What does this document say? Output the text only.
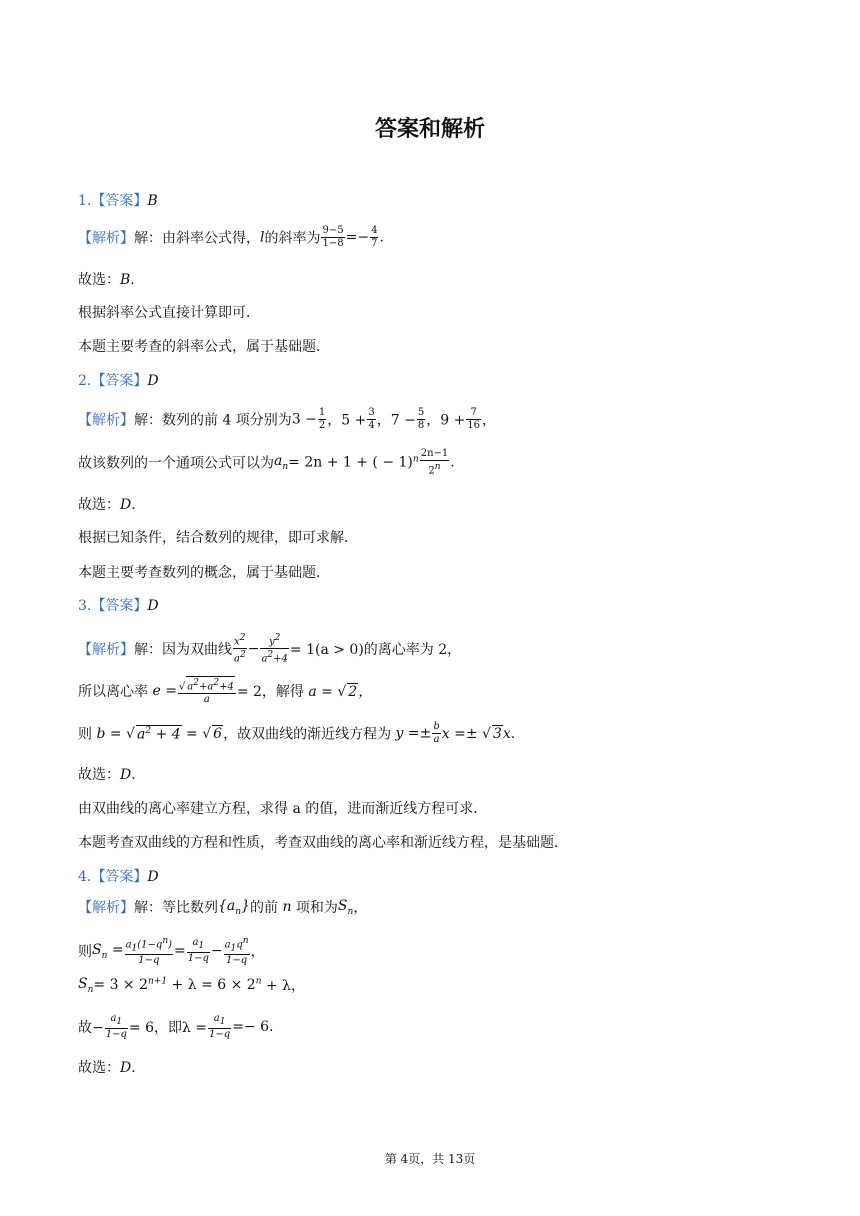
答案和解析
1.【答案】B
【解析】解：由斜率公式得，l的斜率为 $\frac{9-5}{1-8} =- \frac{4}{7}$ .
故选：B.
根据斜率公式直接计算即可．
本题主要考查的斜率公式，属于基础题．
2.【答案】D
【解析】解：数列的前 4 项分别为$3 - \frac{1}{2}$ ，$5 + \frac{3}{4}$ ，$7 - \frac{5}{8}$ ，$9 + \frac{7}{16}$ ，
故该数列的一个通项公式可以为$a_n= 2n + 1$ + ( − $1)^n \frac{2n-1}{2^n}$ .
故选：D.
根据已知条件，结合数列的规律，即可求解．
本题主要考查数列的概念，属于基础题．
3.【答案】D
【解析】解：因为双曲线 $\frac{x^2}{a^2} - \frac{y^2}{a^2+4} = 1(a > 0)$的离心率为 2，
所以离心率 $e = \frac{√ a^2+a^2+4}{a} = 2$，解得 a = √ 2，
则 b = √ $a^2 + 4$ = √ 6，故双曲线的渐近线方程为 $y =\pm \frac{b}{a}$ x =± √ 3x.
故选：D.
由双曲线的离心率建立方程，求得 a 的值，进而渐近线方程可求．
本题考查双曲线的方程和性质，考查双曲线的离心率和渐近线方程，是基础题．
4.【答案】D
【解析】解：等比数列$\{a_n\}$的前 n 项和为$S_n$，
则$S_n = \frac{a_1(1-q^n)}{1-q} = \frac{a_1}{1-q} - \frac{a_1q^n}{1-q}$ ，
$S_n= 3 \times 2^{n+1} + \lambda = 6 \times 2^n + \lambda$，
故− $\frac{a_1}{1-q} = 6$，即$\lambda = \frac{a_1}{1-q} =- 6$.
故选：D.
第 4页，共 13页
